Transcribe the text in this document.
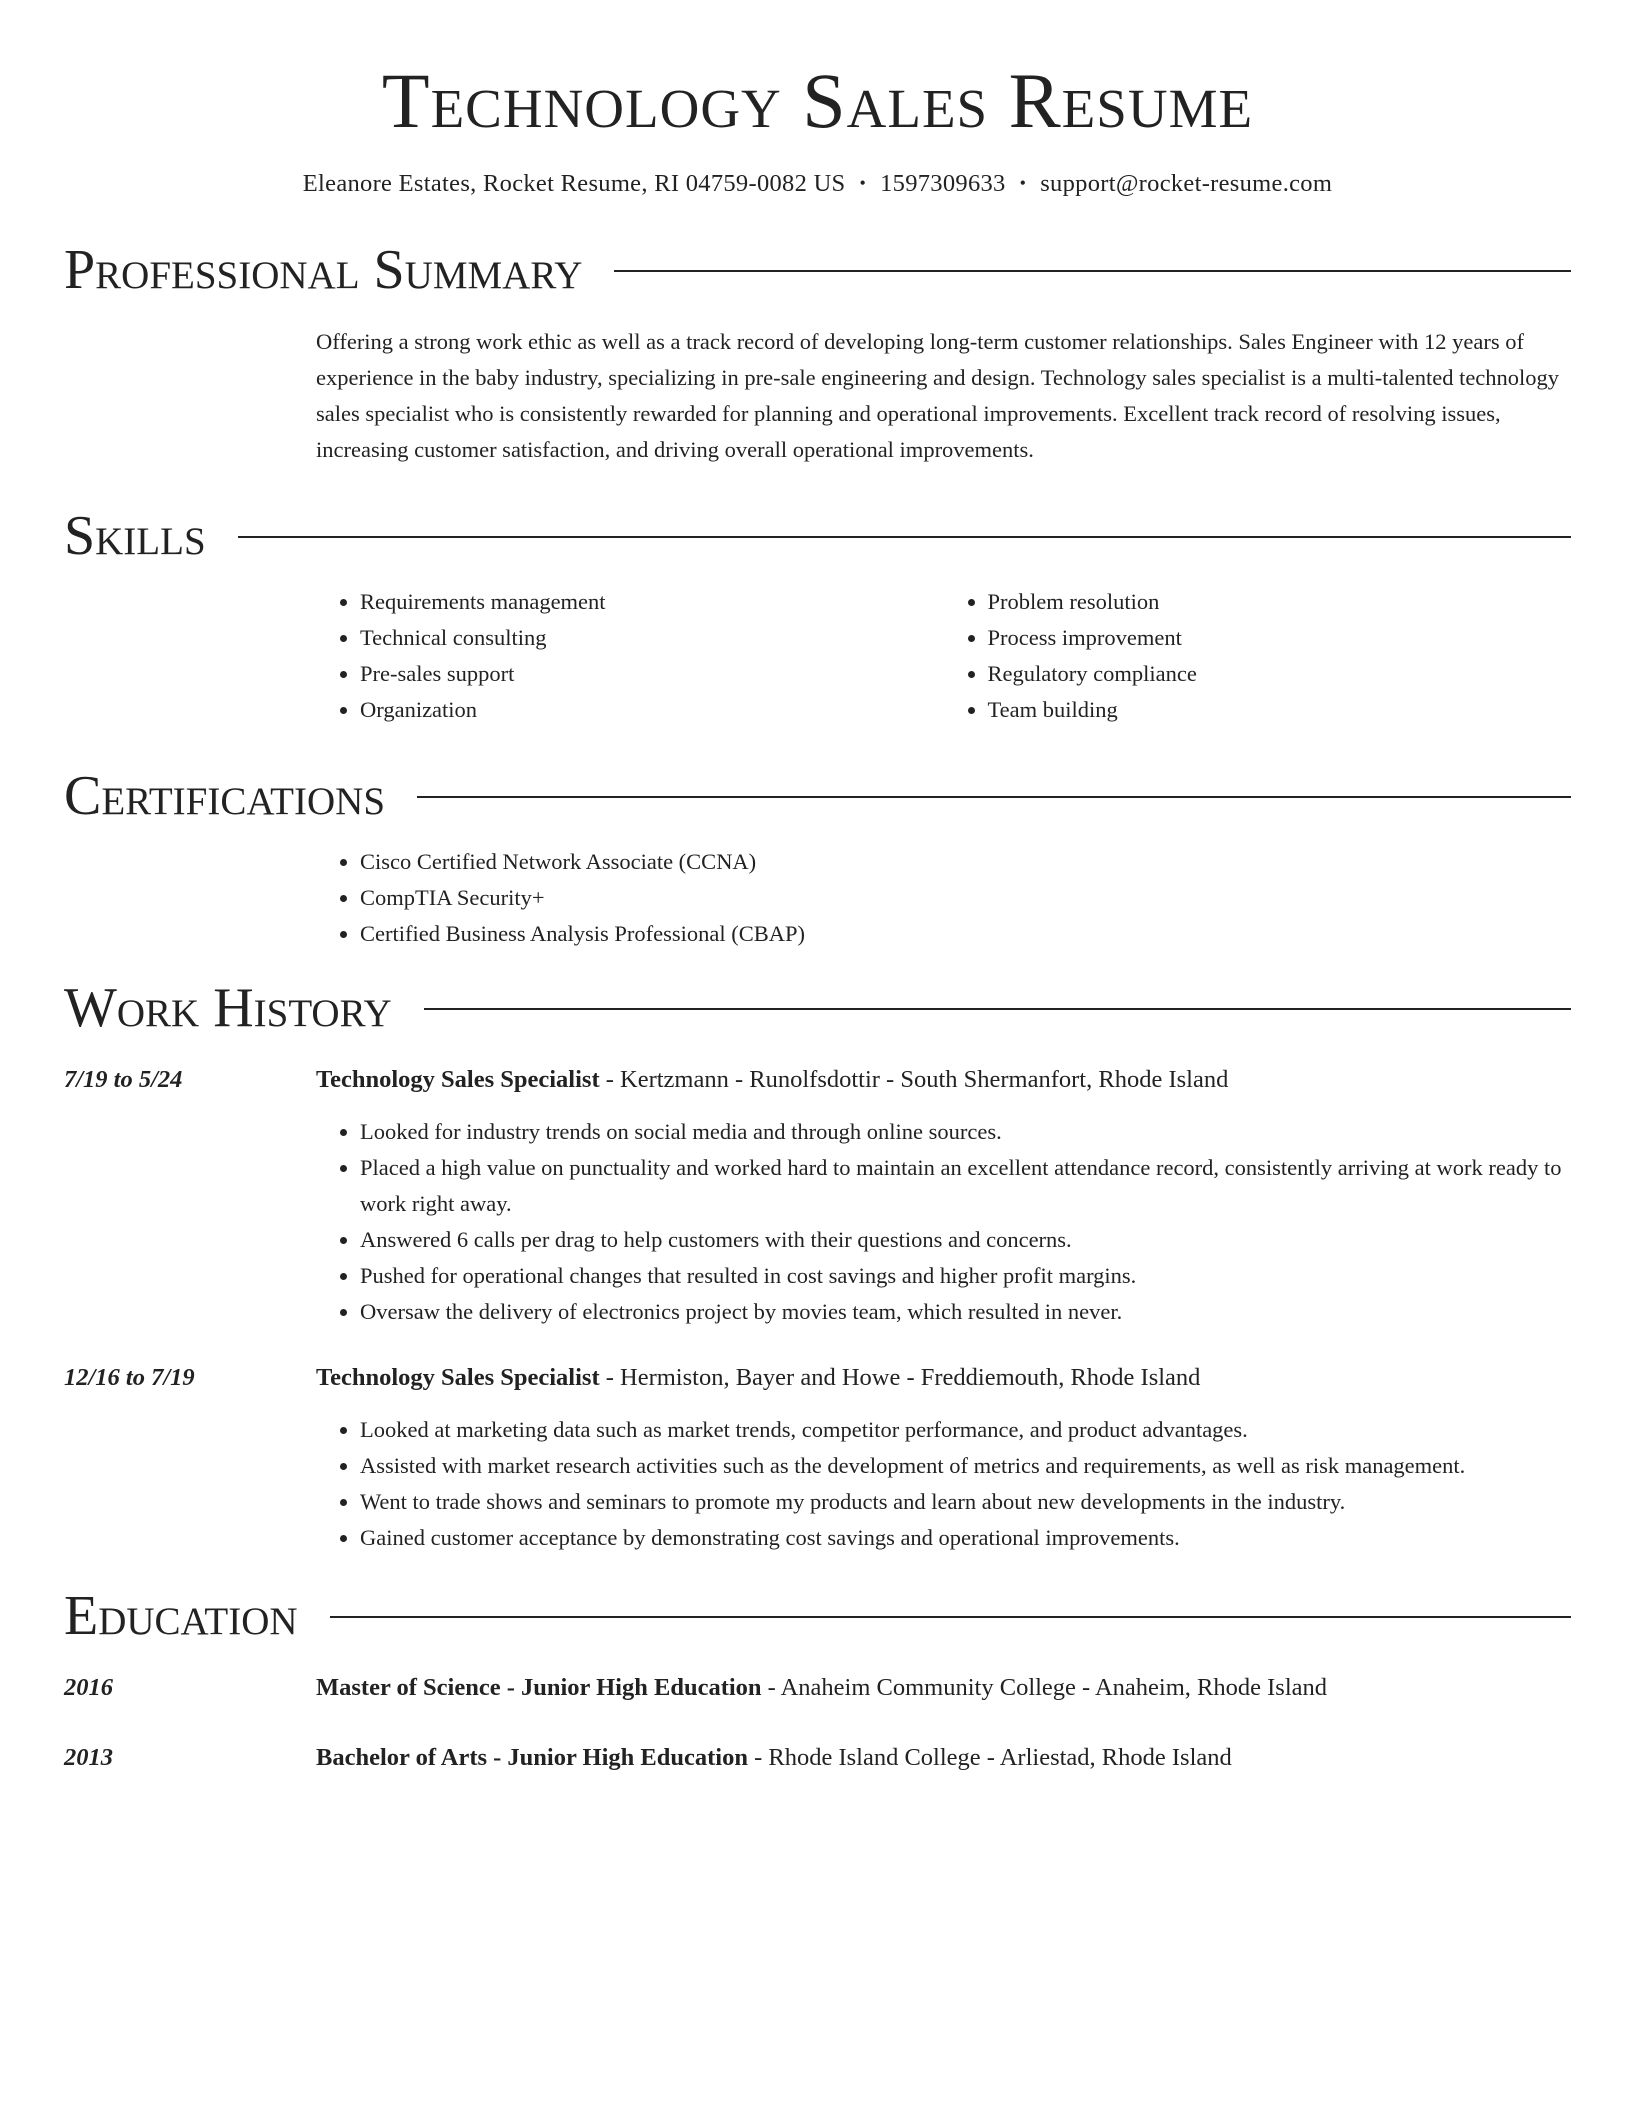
Technology Sales Resume
Eleanore Estates, Rocket Resume, RI 04759-0082 US • 1597309633 • support@rocket-resume.com
Professional Summary
Offering a strong work ethic as well as a track record of developing long-term customer relationships. Sales Engineer with 12 years of experience in the baby industry, specializing in pre-sale engineering and design. Technology sales specialist is a multi-talented technology sales specialist who is consistently rewarded for planning and operational improvements. Excellent track record of resolving issues, increasing customer satisfaction, and driving overall operational improvements.
Skills
• Requirements management
• Technical consulting
• Pre-sales support
• Organization
• Problem resolution
• Process improvement
• Regulatory compliance
• Team building
Certifications
• Cisco Certified Network Associate (CCNA)
• CompTIA Security+
• Certified Business Analysis Professional (CBAP)
Work History
7/19 to 5/24	Technology Sales Specialist - Kertzmann - Runolfsdottir - South Shermanfort, Rhode Island
• Looked for industry trends on social media and through online sources.
• Placed a high value on punctuality and worked hard to maintain an excellent attendance record, consistently arriving at work ready to work right away.
• Answered 6 calls per drag to help customers with their questions and concerns.
• Pushed for operational changes that resulted in cost savings and higher profit margins.
• Oversaw the delivery of electronics project by movies team, which resulted in never.
12/16 to 7/19	Technology Sales Specialist - Hermiston, Bayer and Howe - Freddiemouth, Rhode Island
• Looked at marketing data such as market trends, competitor performance, and product advantages.
• Assisted with market research activities such as the development of metrics and requirements, as well as risk management.
• Went to trade shows and seminars to promote my products and learn about new developments in the industry.
• Gained customer acceptance by demonstrating cost savings and operational improvements.
Education
2016	Master of Science - Junior High Education - Anaheim Community College - Anaheim, Rhode Island
2013	Bachelor of Arts - Junior High Education - Rhode Island College - Arliestad, Rhode Island
